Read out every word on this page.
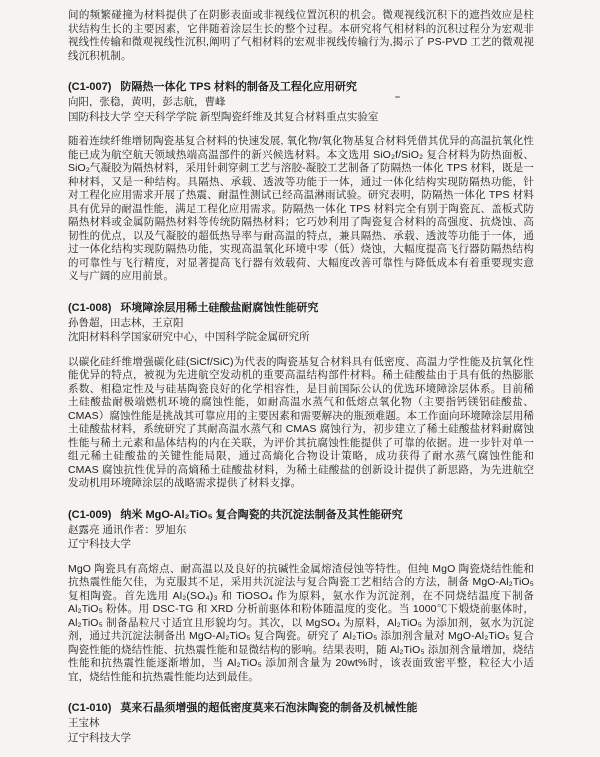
间的频繁碰撞为材料提供了在阴影表面或非视线位置沉积的机会。微观视线沉积下的遮挡效应是柱状结构生长的主要因素，它伴随着涂层生长的整个过程。本研究将气相材料的沉积过程分为宏观非视线性传输和微观视线性沉积,阐明了气相材料的宏观非视线传输行为,揭示了 PS-PVD 工艺的微观视线沉积机制。

(C1-007) 防隔热一体化 TPS 材料的制备及工程化应用研究

向阳，张稳，黄明，彭志航，曹峰

国防科技大学 空天科学学院 新型陶瓷纤维及其复合材料重点实验室

随着连续纤维增韧陶瓷基复合材料的快速发展, 氧化物/氧化物基复合材料凭借其优异的高温抗氧化性能已成为航空航天领域热端高温部件的新兴候选材料。本文选用 SiO₂f/SiO₂ 复合材料为防热面板、SiO₂气凝胶为隔热材料，采用针刺穿刺工艺与溶胶-凝胶工艺制备了防隔热一体化 TPS 材料，既是一种材料，又是一种结构。具隔热、承载、透波等功能于一体，通过一体化结构实现防隔热功能，针对工程化应用需求开展了热震、耐温性测试已经高温淋雨试验。研究表明，防隔热一体化 TPS 材料具有优异的耐温性能，满足工程化应用需求。防隔热一体化 TPS 材料完全有别于陶瓷瓦、盖板式防隔热材料或金属防隔热材料等传统防隔热材料；它巧妙利用了陶瓷复合材料的高强度、抗烧蚀、高韧性的优点，以及气凝胶的超低热导率与耐高温的特点，兼具隔热、承载、透波等功能于一体，通过一体化结构实现防隔热功能，实现高温氧化环境中零（低）烧蚀，大幅度提高飞行器防隔热结构的可靠性与飞行精度，对显著提高飞行器有效载荷、大幅度改善可靠性与降低成本有着重要现实意义与广阔的应用前景。

(C1-008) 环境障涂层用稀土硅酸盐耐腐蚀性能研究

孙鲁超，田志林，王京阳

沈阳材料科学国家研究中心，中国科学院金属研究所

以碳化硅纤维增强碳化硅(SiCf/SiC)为代表的陶瓷基复合材料具有低密度、高温力学性能及抗氧化性能优异的特点，被视为先进航空发动机的重要高温结构部件材料。稀土硅酸盐由于具有低的热膨胀系数、相稳定性及与硅基陶瓷良好的化学相容性，是目前国际公认的优选环境障涂层体系。目前稀土硅酸盐耐极端燃机环境的腐蚀性能，如耐高温水蒸气和低熔点氧化物（主要指钙镁铝硅酸盐、CMAS）腐蚀性能是挑战其可靠应用的主要因素和需要解决的瓶颈难题。本工作面向环境障涂层用稀土硅酸盐材料，系统研究了其耐高温水蒸气和 CMAS 腐蚀行为，初步建立了稀土硅酸盐材料耐腐蚀性能与稀土元素和晶体结构的内在关联，为评价其抗腐蚀性能提供了可靠的依据。进一步针对单一组元稀土硅酸盐的关键性能局限，通过高熵化合物设计策略，成功获得了耐水蒸气腐蚀性能和 CMAS 腐蚀抗性优异的高熵稀土硅酸盐材料，为稀土硅酸盐的创新设计提供了新思路，为先进航空发动机用环境障涂层的战略需求提供了材料支撑。

(C1-009) 纳米 MgO-Al₂TiO₅ 复合陶瓷的共沉淀法制备及其性能研究

赵露亮 通讯作者：罗旭东

辽宁科技大学

MgO 陶瓷具有高熔点、耐高温以及良好的抗碱性金属熔渣侵蚀等特性。但纯 MgO 陶瓷烧结性能和抗热震性能欠佳，为克服其不足，采用共沉淀法与复合陶瓷工艺相结合的方法，制备 MgO-Al₂TiO₅ 复相陶瓷。首先选用 Al₂(SO₄)₃ 和 TiOSO₄ 作为原料，氨水作为沉淀剂，在不同烧结温度下制备 Al₂TiO₅ 粉体。用 DSC-TG 和 XRD 分析前驱体和粉体随温度的变化。当 1000℃下煅烧前驱体时，Al₂TiO₅ 制备晶粒尺寸适宜且形貌均匀。其次，以 MgSO₄ 为原料，Al₂TiO₅ 为添加剂，氨水为沉淀剂，通过共沉淀法制备出 MgO-Al₂TiO₅ 复合陶瓷。研究了 Al₂TiO₅ 添加剂含量对 MgO-Al₂TiO₅ 复合陶瓷性能的烧结性能、抗热震性能和显微结构的影响。结果表明，随 Al₂TiO₅ 添加剂含量增加，烧结性能和抗热震性能逐渐增加，当 Al₂TiO₅ 添加剂含量为 20wt%时，该表面致密平整，粒径大小适宜，烧结性能和抗热震性能均达到最佳。

(C1-010) 莫来石晶须增强的超低密度莫来石泡沫陶瓷的制备及机械性能

王宝林

辽宁科技大学
